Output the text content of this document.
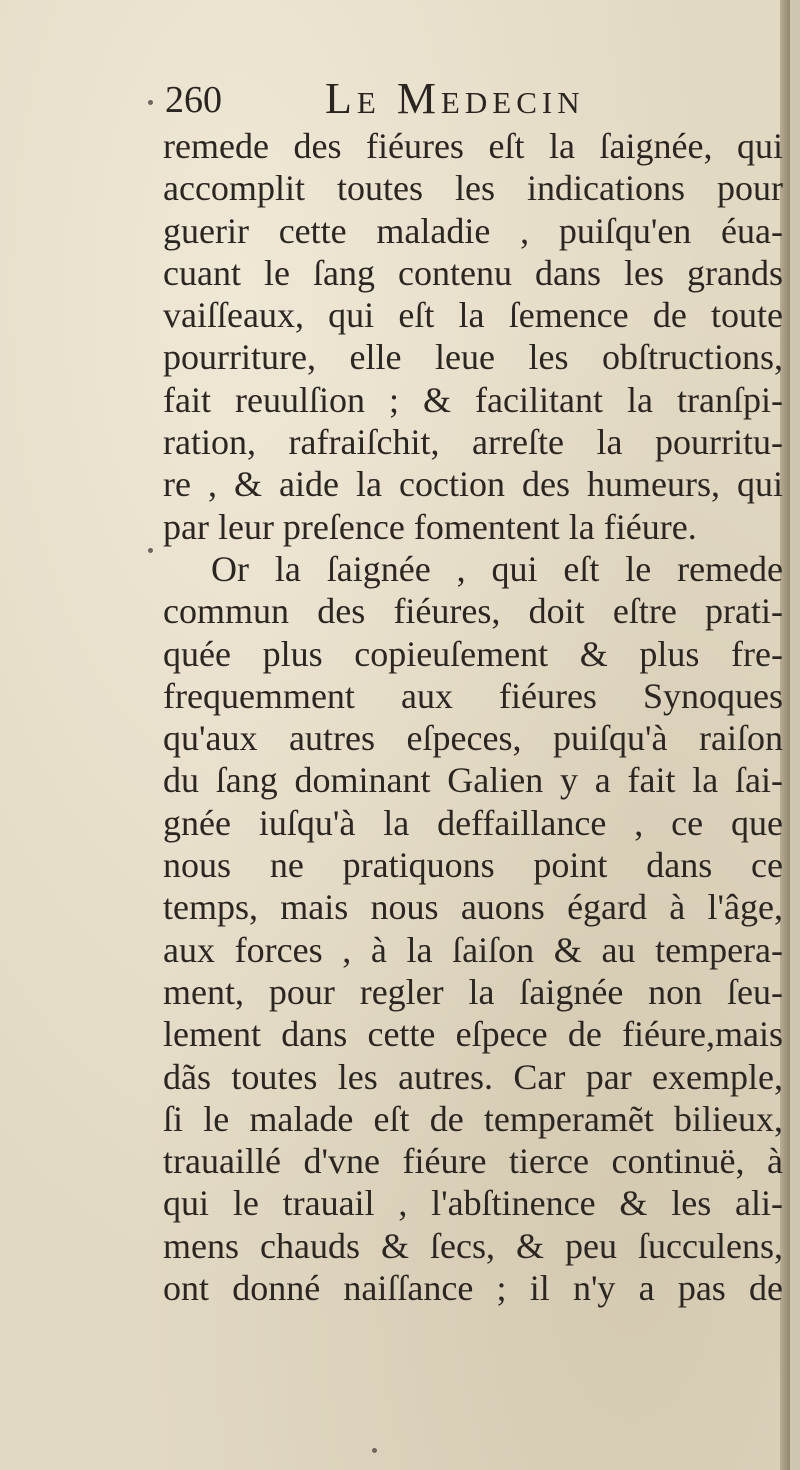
260 Le Medecin
remede des fiéures eſt la ſaignée, qui
accomplit toutes les indications pour
guerir cette maladie , puiſqu'en éua-
cuant le ſang contenu dans les grands
vaiſſeaux, qui eſt la ſemence de toute
pourriture, elle leue les obſtructions,
fait reuulſion ; & facilitant la tranſpi-
ration, rafraiſchit, arreſte la pourritu-
re , & aide la coction des humeurs, qui
par leur preſence fomentent la fiéure.
Or la ſaignée , qui eſt le remede
commun des fiéures, doit eſtre prati-
quée plus copieuſement & plus fre-
frequemment aux fiéures Synoques
qu'aux autres eſpeces, puiſqu'à raiſon
du ſang dominant Galien y a fait la ſai-
gnée iuſqu'à la deffaillance , ce que
nous ne pratiquons point dans ce
temps, mais nous auons égard à l'âge,
aux forces , à la ſaiſon & au tempera-
ment, pour regler la ſaignée non ſeu-
lement dans cette eſpece de fiéure,mais
dãs toutes les autres. Car par exemple,
ſi le malade eſt de temperamẽt bilieux,
trauaillé d'vne fiéure tierce continuë, à
qui le trauail , l'abſtinence & les ali-
mens chauds & ſecs, & peu ſucculens,
ont donné naiſſance ; il n'y a pas de
